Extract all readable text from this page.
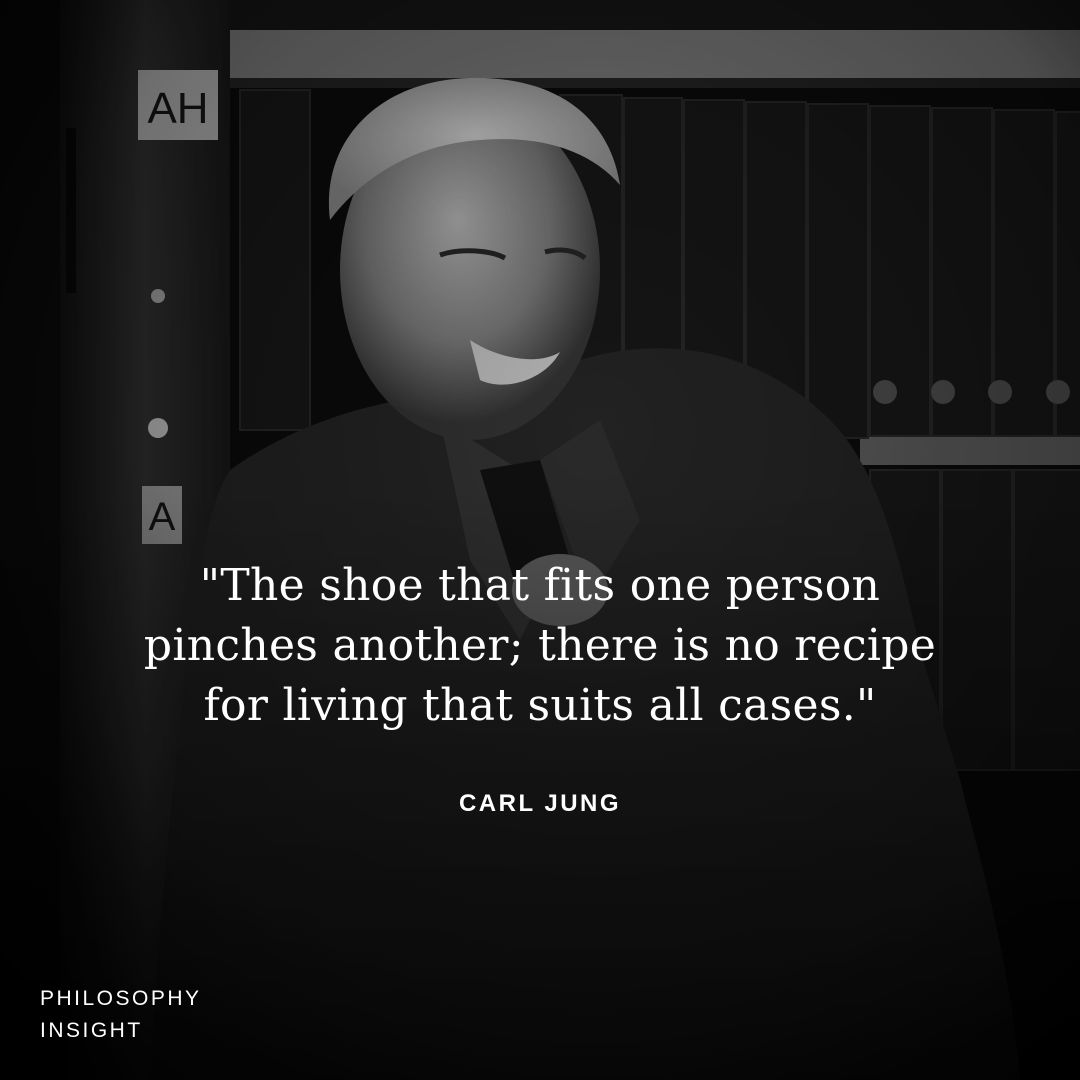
"The shoe that fits one person
pinches another; there is no recipe
for living that suits all cases."
CARL JUNG
PHILOSOPHY
INSIGHT
